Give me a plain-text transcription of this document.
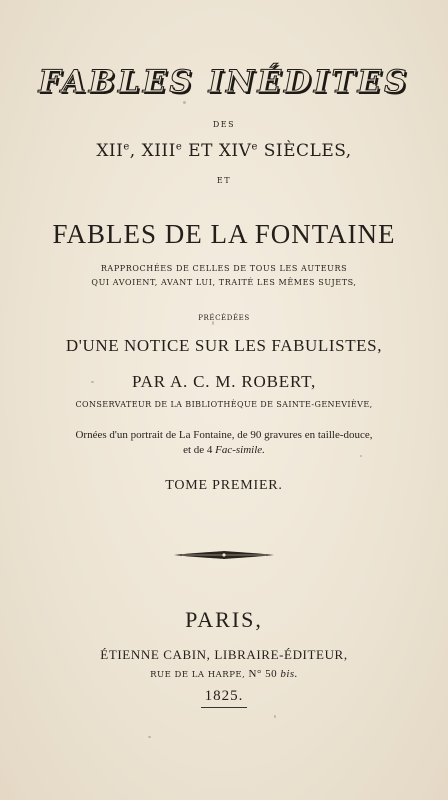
FABLES INÉDITES
DES
XIIe, XIIIe ET XIVe SIÈCLES,
ET
FABLES DE LA FONTAINE
RAPPROCHÉES DE CELLES DE TOUS LES AUTEURS
QUI AVOIENT, AVANT LUI, TRAITÉ LES MÊMES SUJETS,
PRÉCÉDÉES
D'UNE NOTICE SUR LES FABULISTES,
PAR A. C. M. ROBERT,
CONSERVATEUR DE LA BIBLIOTHÈQUE DE SAINTE-GENEVIÈVE,
Ornées d'un portrait de La Fontaine, de 90 gravures en taille-douce,
et de 4 Fac-simile.
TOME PREMIER.
PARIS,
ÉTIENNE CABIN, LIBRAIRE-ÉDITEUR,
RUE DE LA HARPE, N° 50 bis.
1825.
